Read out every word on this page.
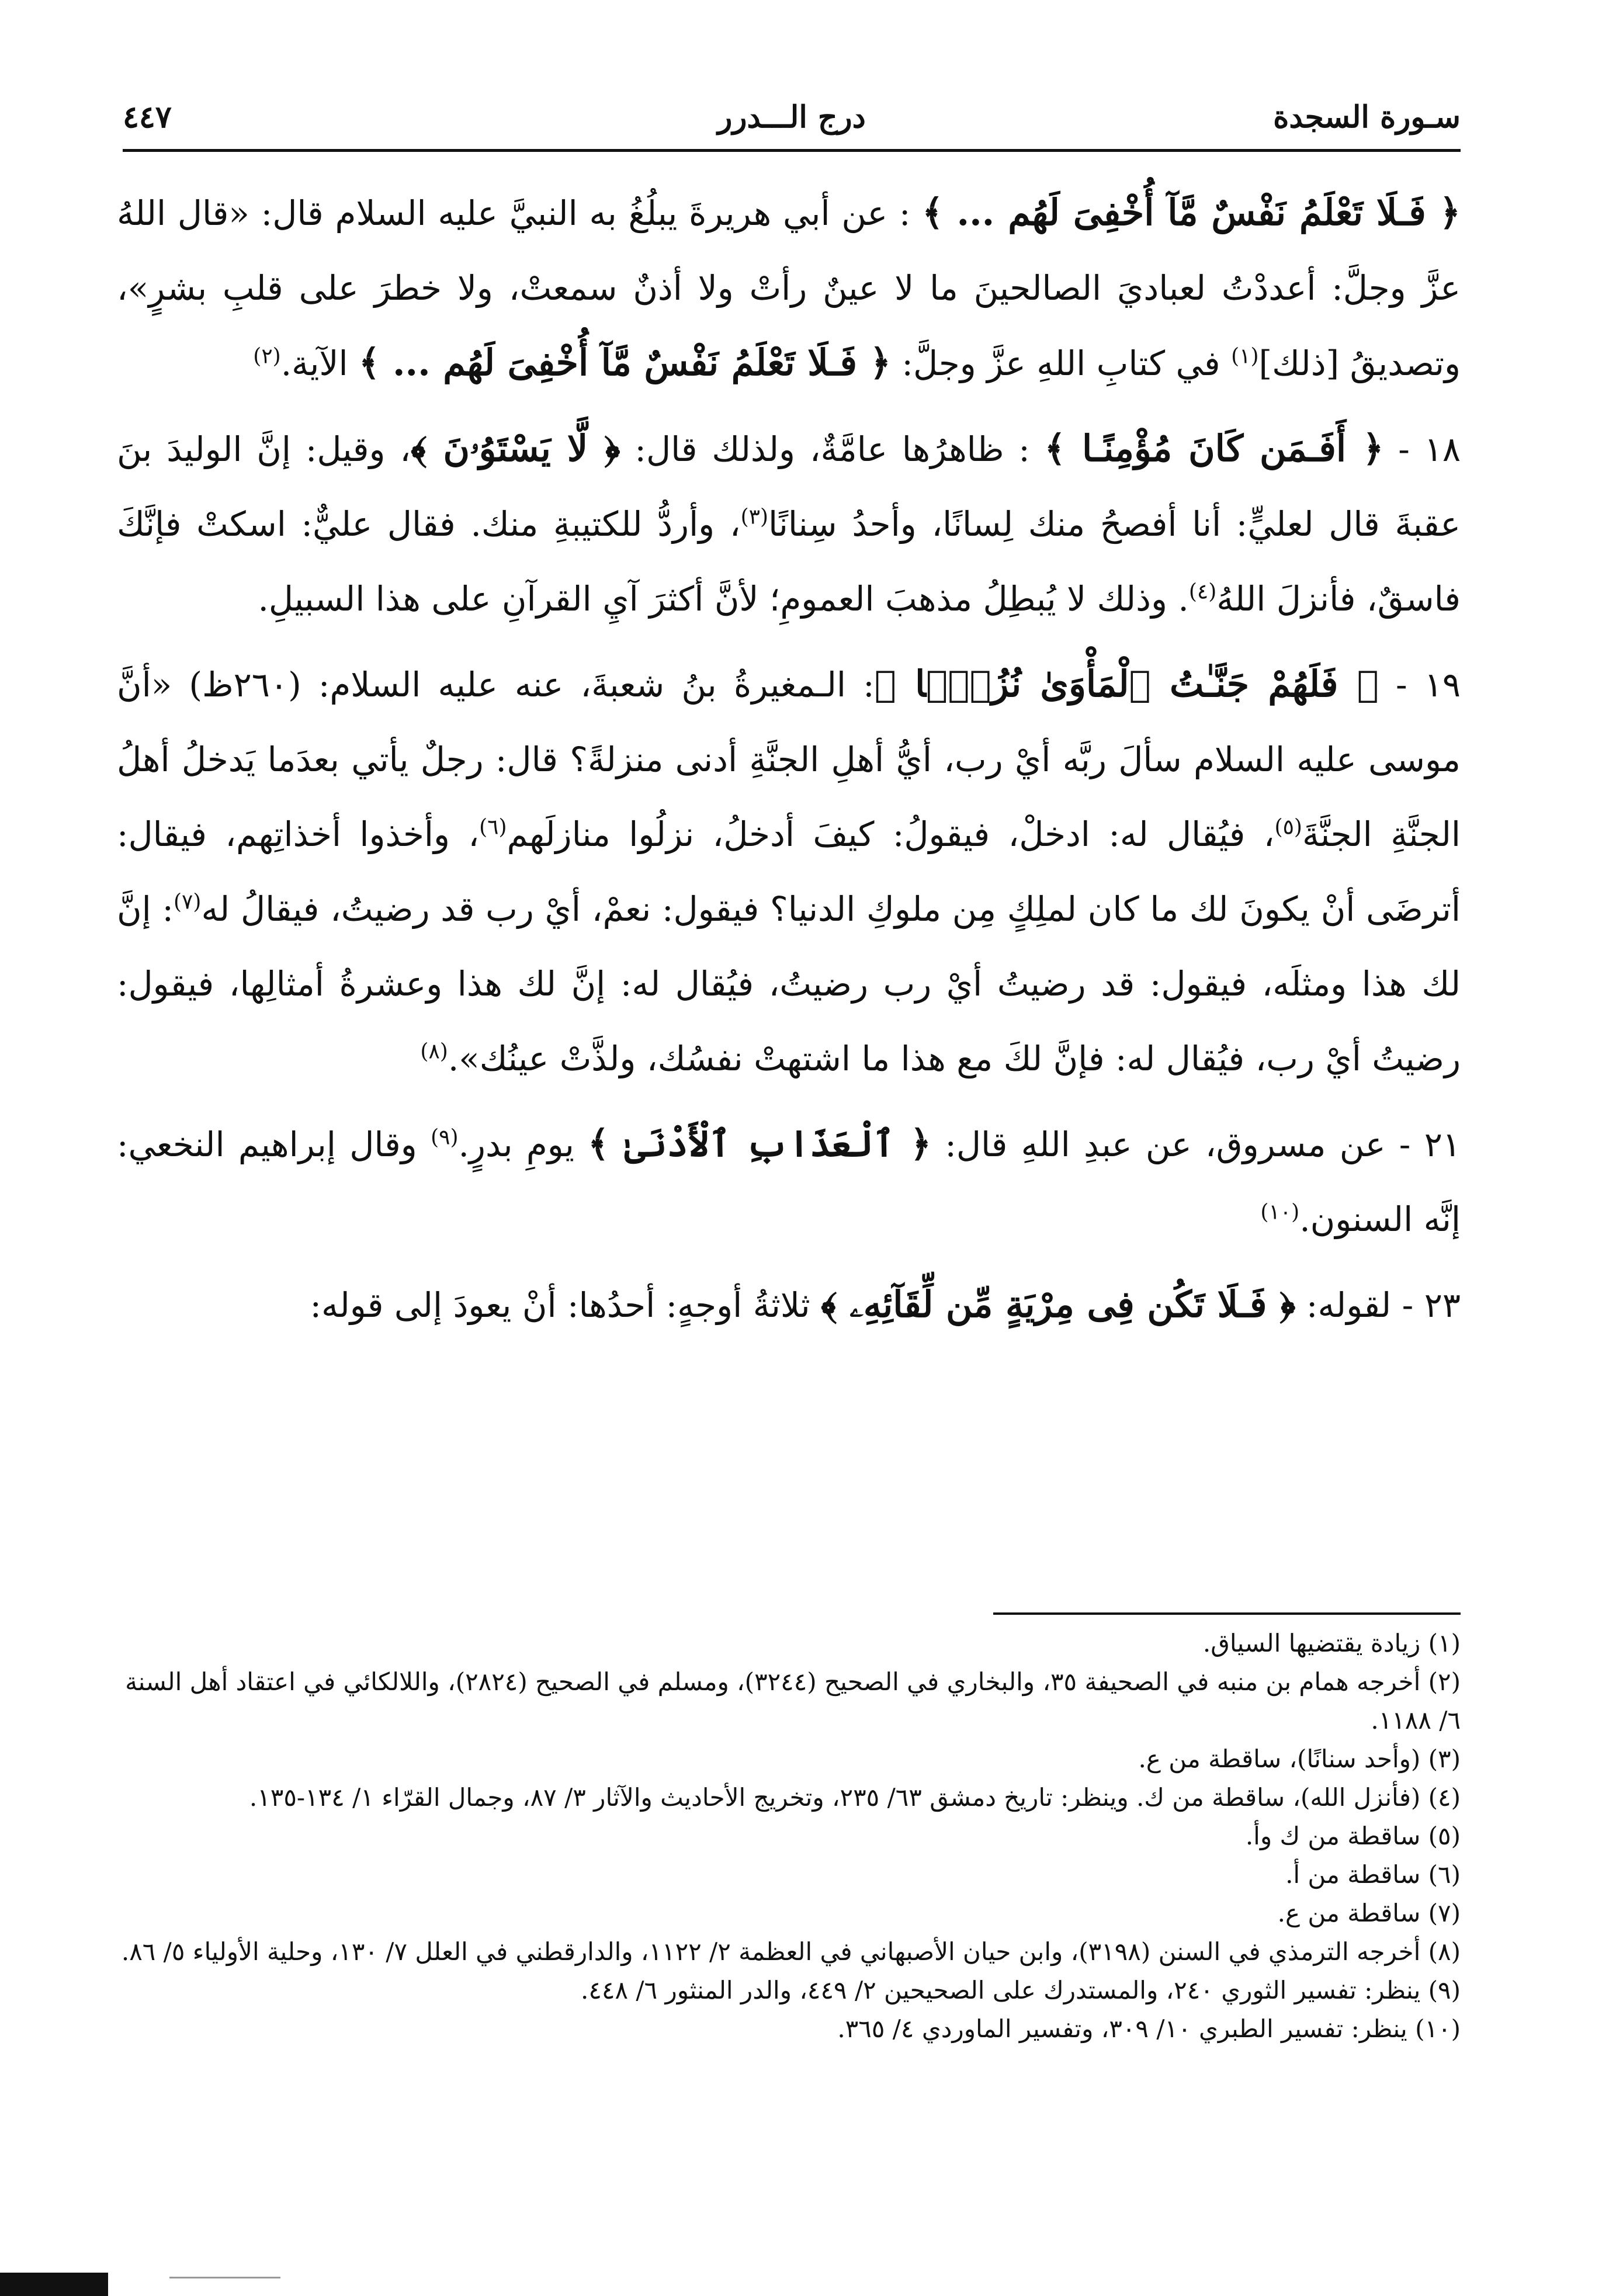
سـورة السجدة
درج الـــدرر
٤٤٧

﴿ فَـلَا تَعْلَمُ نَفْسٌ مَّآ أُخْفِىَ لَهُم ... ﴾ : عن أبي هريرةَ يبلُغُ به النبيَّ عليه السلام قال: «قال اللهُ عزَّ وجلَّ: أعددْتُ لعباديَ الصالحينَ ما لا عينٌ رأتْ ولا أذنٌ سمعتْ، ولا خطرَ على قلبِ بشرٍ»، وتصديقُ [ذلك]$^{(١)}$ في كتابِ اللهِ عزَّ وجلَّ: ﴿ فَـلَا تَعْلَمُ نَفْسٌ مَّآ أُخْفِىَ لَهُم ... ﴾ الآية.$^{(٢)}$

١٨ - ﴿ أَفَـمَن كَانَ مُؤْمِنًـا ﴾ : ظاهرُها عامَّةٌ، ولذلك قال: ﴿ لَّا يَسْتَوُۥنَ ﴾، وقيل: إنَّ الوليدَ بنَ عقبةَ قال لعليٍّ: أنا أفصحُ منك لِسانًا، وأحدُ سِنانًا$^{(٣)}$، وأردُّ للكتيبةِ منك. فقال عليٌّ: اسكتْ فإنَّكَ فاسقٌ، فأنزلَ اللهُ$^{(٤)}$. وذلك لا يُبطِلُ مذهبَ العمومِ؛ لأنَّ أكثرَ آيِ القرآنِ على هذا السبيلِ.

١٩ - ﴿ فَلَهُمْ جَنَّـٰتُ ٱلْمَأْوَىٰ نُزُلًۢا ﴾: الـمغيرةُ بنُ شعبةَ، عنه عليه السلام: (٢٦٠ظ) «أنَّ موسى عليه السلام سألَ ربَّه أيْ رب، أيُّ أهلِ الجنَّةِ أدنى منزلةً؟ قال: رجلٌ يأتي بعدَما يَدخلُ أهلُ الجنَّةِ الجنَّةَ$^{(٥)}$، فيُقال له: ادخلْ، فيقولُ: كيفَ أدخلُ، نزلُوا منازلَهم$^{(٦)}$، وأخذوا أخذاتِهم، فيقال: أترضَى أنْ يكونَ لك ما كان لملِكٍ مِن ملوكِ الدنيا؟ فيقول: نعمْ، أيْ رب قد رضيتُ، فيقالُ له$^{(٧)}$: إنَّ لك هذا ومثلَه، فيقول: قد رضيتُ أيْ رب رضيتُ، فيُقال له: إنَّ لك هذا وعشرةُ أمثالِها، فيقول: رضيتُ أيْ رب، فيُقال له: فإنَّ لكَ مع هذا ما اشتهتْ نفسُك، ولذَّتْ عينُك».$^{(٨)}$

٢١ - عن مسروق، عن عبدِ اللهِ قال: ﴿ ٱلْعَذَابِ ٱلْأَدْنَىٰ ﴾ يومِ بدرٍ.$^{(٩)}$ وقال إبراهيم النخعي: إنَّه السنون.$^{(١٠)}$

٢٣ - لقوله: ﴿ فَـلَا تَكُن فِى مِرْيَةٍ مِّن لِّقَآئِهِۦ ﴾ ثلاثةُ أوجهٍ: أحدُها: أنْ يعودَ إلى قوله:

(١) زيادة يقتضيها السياق.

(٢) أخرجه همام بن منبه في الصحيفة ٣٥، والبخاري في الصحيح (٣٢٤٤)، ومسلم في الصحيح (٢٨٢٤)، واللالكائي في اعتقاد أهل السنة ٦/ ١١٨٨.

(٣) (وأحد سنانًا)، ساقطة من ع.

(٤) (فأنزل الله)، ساقطة من ك. وينظر: تاريخ دمشق ٦٣/ ٢٣٥، وتخريج الأحاديث والآثار ٣/ ٨٧، وجمال القرّاء ١/ ١٣٤-١٣٥.

(٥) ساقطة من ك وأ.

(٦) ساقطة من أ.

(٧) ساقطة من ع.

(٨) أخرجه الترمذي في السنن (٣١٩٨)، وابن حيان الأصبهاني في العظمة ٢/ ١١٢٢، والدارقطني في العلل ٧/ ١٣٠، وحلية الأولياء ٥/ ٨٦.

(٩) ينظر: تفسير الثوري ٢٤٠، والمستدرك على الصحيحين ٢/ ٤٤٩، والدر المنثور ٦/ ٤٤٨.

(١٠) ينظر: تفسير الطبري ١٠/ ٣٠٩، وتفسير الماوردي ٤/ ٣٦٥.
